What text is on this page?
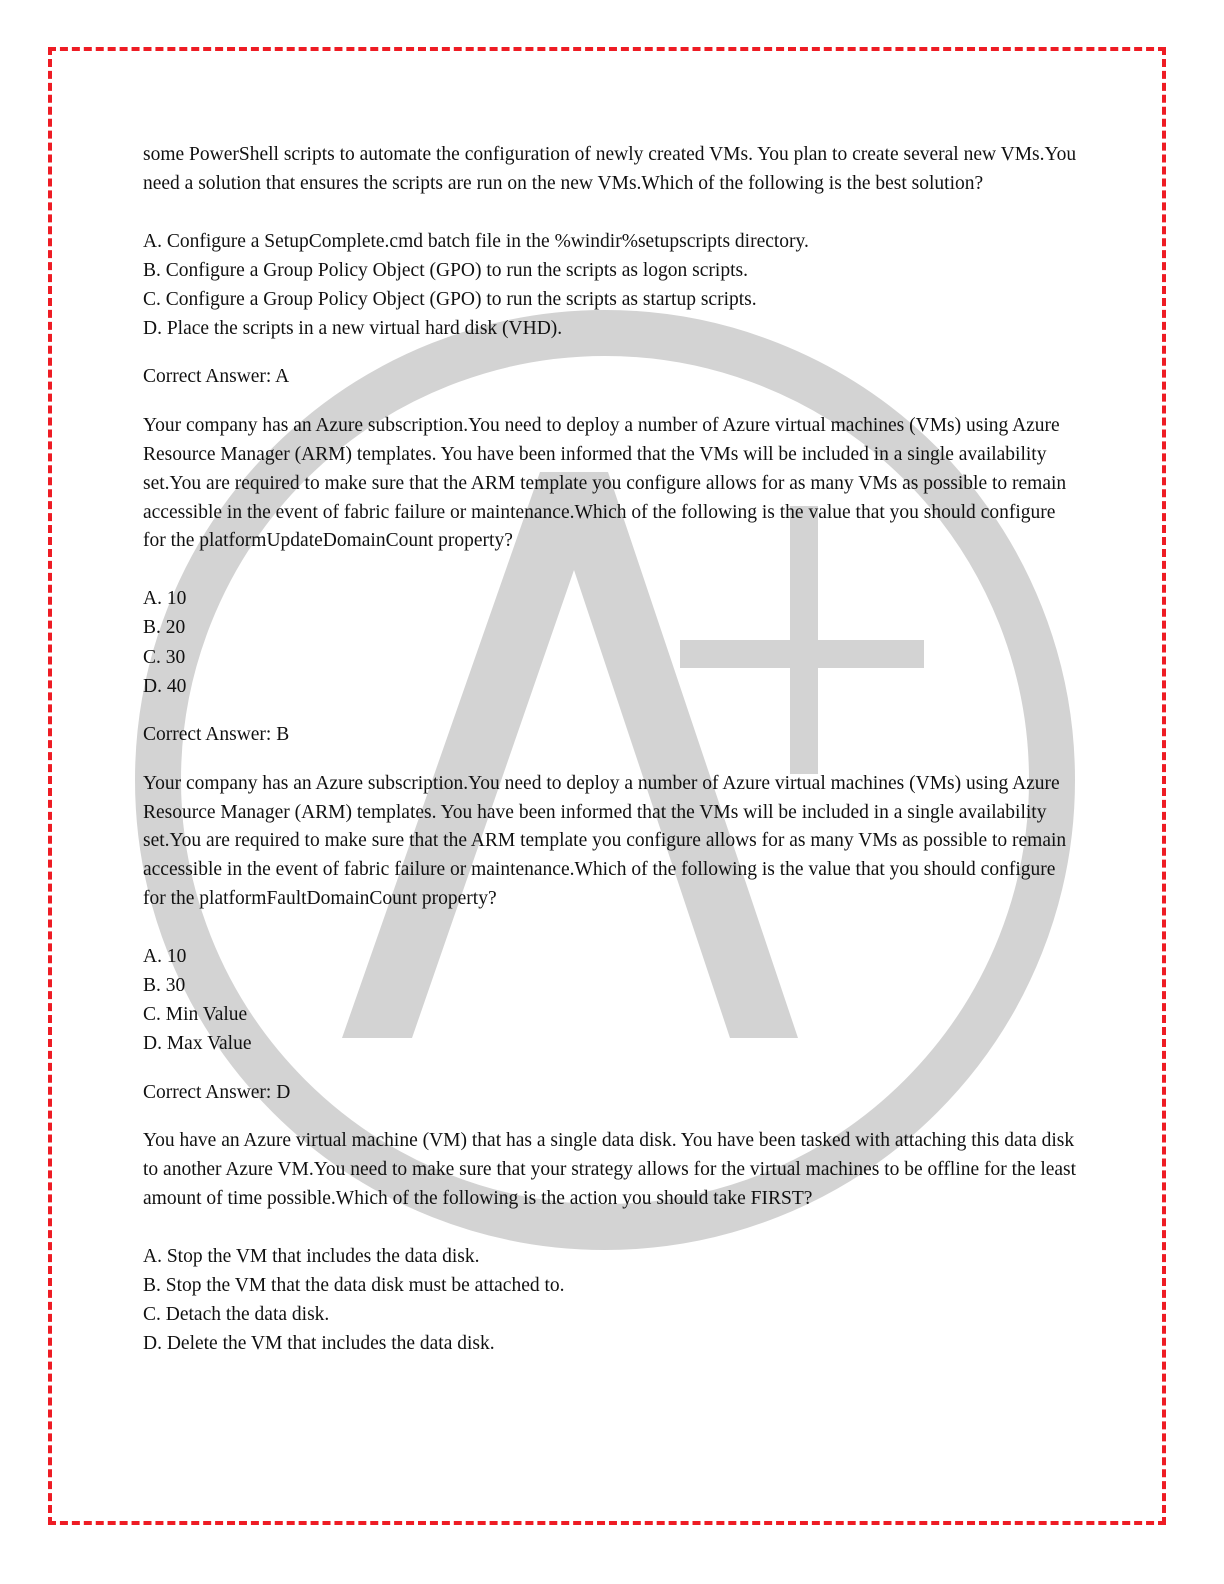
some PowerShell scripts to automate the configuration of newly created VMs. You plan to create several new VMs.You need a solution that ensures the scripts are run on the new VMs.Which of the following is the best solution?

A. Configure a SetupComplete.cmd batch file in the %windir%setupscripts directory.
B. Configure a Group Policy Object (GPO) to run the scripts as logon scripts.
C. Configure a Group Policy Object (GPO) to run the scripts as startup scripts.
D. Place the scripts in a new virtual hard disk (VHD).

Correct Answer: A

Your company has an Azure subscription.You need to deploy a number of Azure virtual machines (VMs) using Azure Resource Manager (ARM) templates. You have been informed that the VMs will be included in a single availability set.You are required to make sure that the ARM template you configure allows for as many VMs as possible to remain accessible in the event of fabric failure or maintenance.Which of the following is the value that you should configure for the platformUpdateDomainCount property?

A. 10
B. 20
C. 30
D. 40

Correct Answer: B

Your company has an Azure subscription.You need to deploy a number of Azure virtual machines (VMs) using Azure Resource Manager (ARM) templates. You have been informed that the VMs will be included in a single availability set.You are required to make sure that the ARM template you configure allows for as many VMs as possible to remain accessible in the event of fabric failure or maintenance.Which of the following is the value that you should configure for the platformFaultDomainCount property?

A. 10
B. 30
C. Min Value
D. Max Value

Correct Answer: D

You have an Azure virtual machine (VM) that has a single data disk. You have been tasked with attaching this data disk to another Azure VM.You need to make sure that your strategy allows for the virtual machines to be offline for the least amount of time possible.Which of the following is the action you should take FIRST?

A. Stop the VM that includes the data disk.
B. Stop the VM that the data disk must be attached to.
C. Detach the data disk.
D. Delete the VM that includes the data disk.
